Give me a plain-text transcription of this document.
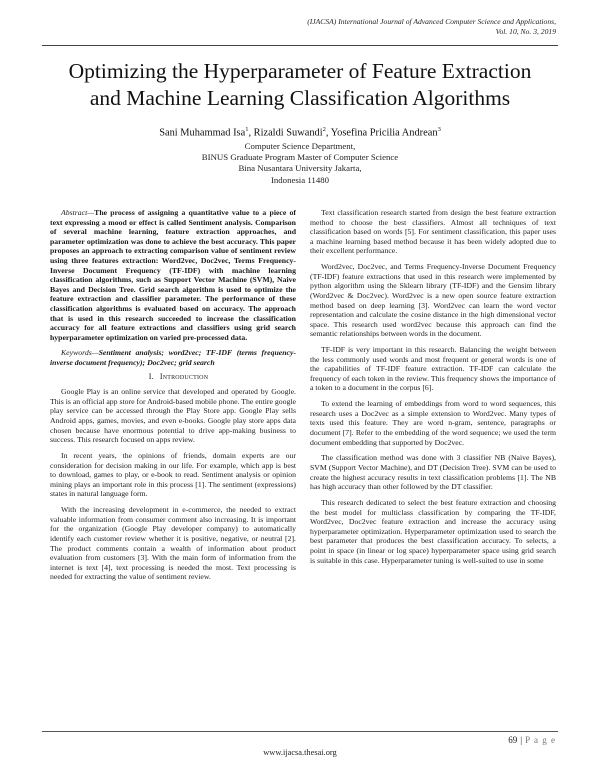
(IJACSA) International Journal of Advanced Computer Science and Applications,
Vol. 10, No. 3, 2019
Optimizing the Hyperparameter of Feature Extraction
and Machine Learning Classification Algorithms
Sani Muhammad Isa$^1$, Rizaldi Suwandi$^2$, Yosefina Pricilia Andrean$^3$
Computer Science Department,
BINUS Graduate Program Master of Computer Science
Bina Nusantara University Jakarta,
Indonesia 11480

Abstract—The process of assigning a quantitative value to a piece of text expressing a mood or effect is called Sentiment analysis. Comparison of several machine learning, feature extraction approaches, and parameter optimization was done to achieve the best accuracy. This paper proposes an approach to extracting comparison value of sentiment review using three features extraction: Word2vec, Doc2vec, Terms Frequency-Inverse Document Frequency (TF-IDF) with machine learning classification algorithms, such as Support Vector Machine (SVM), Naive Bayes and Decision Tree. Grid search algorithm is used to optimize the feature extraction and classifier parameter. The performance of these classification algorithms is evaluated based on accuracy. The approach that is used in this research succeeded to increase the classification accuracy for all feature extractions and classifiers using grid search hyperparameter optimization on varied pre-processed data.

Keywords—Sentiment analysis; word2vec; TF-IDF (terms frequency-inverse document frequency); Doc2vec; grid search

I. Introduction

Google Play is an online service that developed and operated by Google. This is an official app store for Android-based mobile phone. The entire google play service can be accessed through the Play Store app. Google Play sells Android apps, games, movies, and even e-books. Google play store apps data chosen because have enormous potential to drive app-making business to success. This research focused on apps review.

In recent years, the opinions of friends, domain experts are our consideration for decision making in our life. For example, which app is best to download, games to play, or e-book to read. Sentiment analysis or opinion mining plays an important role in this process [1]. The sentiment (expressions) states in natural language form.

With the increasing development in e-commerce, the needed to extract valuable information from consumer comment also increasing. It is important for the organization (Google Play developer company) to automatically identify each customer review whether it is positive, negative, or neutral [2]. The product comments contain a wealth of information about product evaluation from customers [3]. With the main form of information from the internet is text [4], text processing is needed the most. Text processing is needed for extracting the value of sentiment review.

Text classification research started from design the best feature extraction method to choose the best classifiers. Almost all techniques of text classification based on words [5]. For sentiment classification, this paper uses a machine learning based method because it has been widely adopted due to their excellent performance.

Word2vec, Doc2vec, and Terms Frequency-Inverse Document Frequency (TF-IDF) feature extractions that used in this research were implemented by python algorithm using the Sklearn library (TF-IDF) and the Gensim library (Word2vec & Doc2vec). Word2vec is a new open source feature extraction method based on deep learning [3]. Word2vec can learn the word vector representation and calculate the cosine distance in the high dimensional vector space. This research used word2vec because this approach can find the semantic relationships between words in the document.

TF-IDF is very important in this research. Balancing the weight between the less commonly used words and most frequent or general words is one of the capabilities of TF-IDF feature extraction. TF-IDF can calculate the frequency of each token in the review. This frequency shows the importance of a token to a document in the corpus [6].

To extend the learning of embeddings from word to word sequences, this research uses a Doc2vec as a simple extension to Word2vec. Many types of texts used this feature. They are word n-gram, sentence, paragraphs or document [7]. Refer to the embedding of the word sequence; we used the term document embedding that supported by Doc2vec.

The classification method was done with 3 classifier NB (Naive Bayes), SVM (Support Vector Machine), and DT (Decision Tree). SVM can be used to create the highest accuracy results in text classification problems [1]. The NB has high accuracy than other followed by the DT classifier.

This research dedicated to select the best feature extraction and choosing the best model for multiclass classification by comparing the TF-IDF, Word2vec, Doc2vec feature extraction and increase the accuracy using hyperparameter optimization. Hyperparameter optimization used to search the best parameter that produces the best classification accuracy. To selects, a point in space (in linear or log space) hyperparameter space using grid search is suitable in this case. Hyperparameter tuning is well-suited to use in some

69 | P a g e
www.ijacsa.thesai.org
